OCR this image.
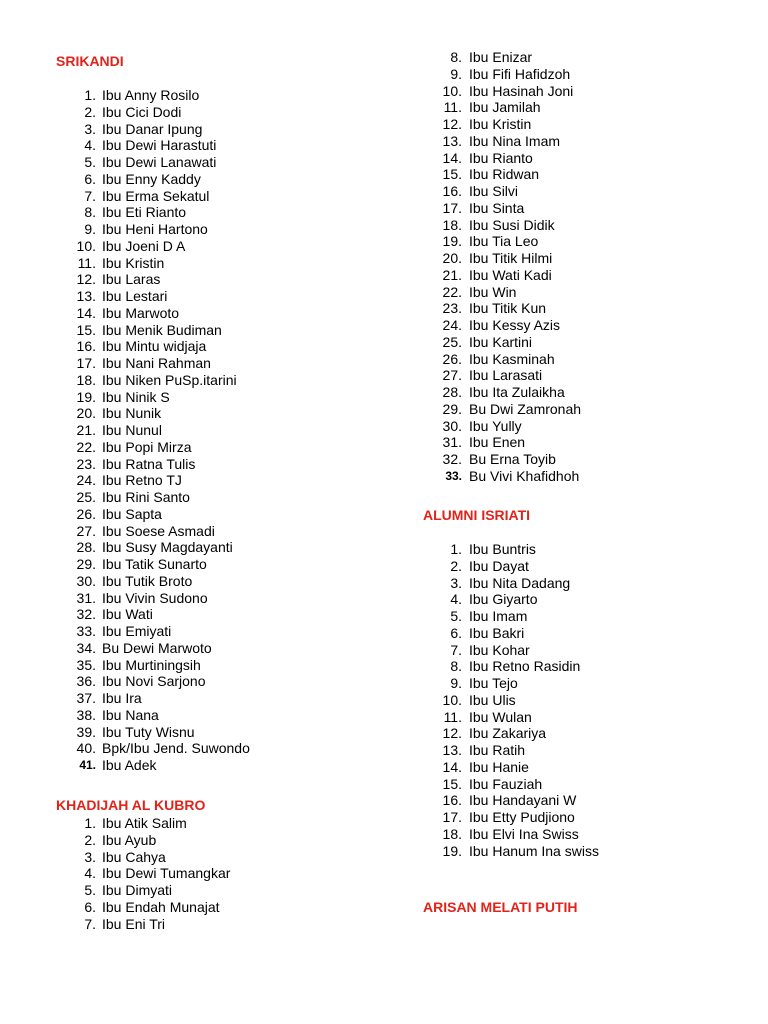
SRIKANDI
1. Ibu Anny Rosilo
2. Ibu Cici Dodi
3. Ibu Danar Ipung
4. Ibu Dewi Harastuti
5. Ibu Dewi Lanawati
6. Ibu Enny Kaddy
7. Ibu Erma Sekatul
8. Ibu Eti Rianto
9. Ibu Heni Hartono
10. Ibu Joeni D A
11. Ibu Kristin
12. Ibu Laras
13. Ibu Lestari
14. Ibu Marwoto
15. Ibu Menik Budiman
16. Ibu Mintu widjaja
17. Ibu Nani Rahman
18. Ibu Niken PuSp.itarini
19. Ibu Ninik S
20. Ibu Nunik
21. Ibu Nunul
22. Ibu Popi Mirza
23. Ibu Ratna Tulis
24. Ibu Retno TJ
25. Ibu Rini Santo
26. Ibu Sapta
27. Ibu Soese Asmadi
28. Ibu Susy Magdayanti
29. Ibu Tatik Sunarto
30. Ibu Tutik Broto
31. Ibu Vivin Sudono
32. Ibu Wati
33. Ibu Emiyati
34. Bu Dewi Marwoto
35. Ibu Murtiningsih
36. Ibu Novi Sarjono
37. Ibu Ira
38. Ibu Nana
39. Ibu Tuty Wisnu
40. Bpk/Ibu Jend. Suwondo
41. Ibu Adek
KHADIJAH AL KUBRO
1. Ibu Atik Salim
2. Ibu Ayub
3. Ibu Cahya
4. Ibu Dewi Tumangkar
5. Ibu Dimyati
6. Ibu Endah Munajat
7. Ibu Eni Tri
8. Ibu Enizar
9. Ibu Fifi Hafidzoh
10. Ibu Hasinah Joni
11. Ibu Jamilah
12. Ibu Kristin
13. Ibu Nina Imam
14. Ibu Rianto
15. Ibu Ridwan
16. Ibu Silvi
17. Ibu Sinta
18. Ibu Susi Didik
19. Ibu Tia Leo
20. Ibu Titik Hilmi
21. Ibu Wati Kadi
22. Ibu Win
23. Ibu Titik Kun
24. Ibu Kessy Azis
25. Ibu Kartini
26. Ibu Kasminah
27. Ibu Larasati
28. Ibu Ita Zulaikha
29. Bu Dwi Zamronah
30. Ibu Yully
31. Ibu Enen
32. Bu Erna Toyib
33. Bu Vivi Khafidhoh
ALUMNI ISRIATI
1. Ibu Buntris
2. Ibu Dayat
3. Ibu Nita Dadang
4. Ibu Giyarto
5. Ibu Imam
6. Ibu Bakri
7. Ibu Kohar
8. Ibu Retno Rasidin
9. Ibu Tejo
10. Ibu Ulis
11. Ibu Wulan
12. Ibu Zakariya
13. Ibu Ratih
14. Ibu Hanie
15. Ibu Fauziah
16. Ibu Handayani W
17. Ibu Etty Pudjiono
18. Ibu Elvi Ina Swiss
19. Ibu Hanum Ina swiss
ARISAN MELATI PUTIH
